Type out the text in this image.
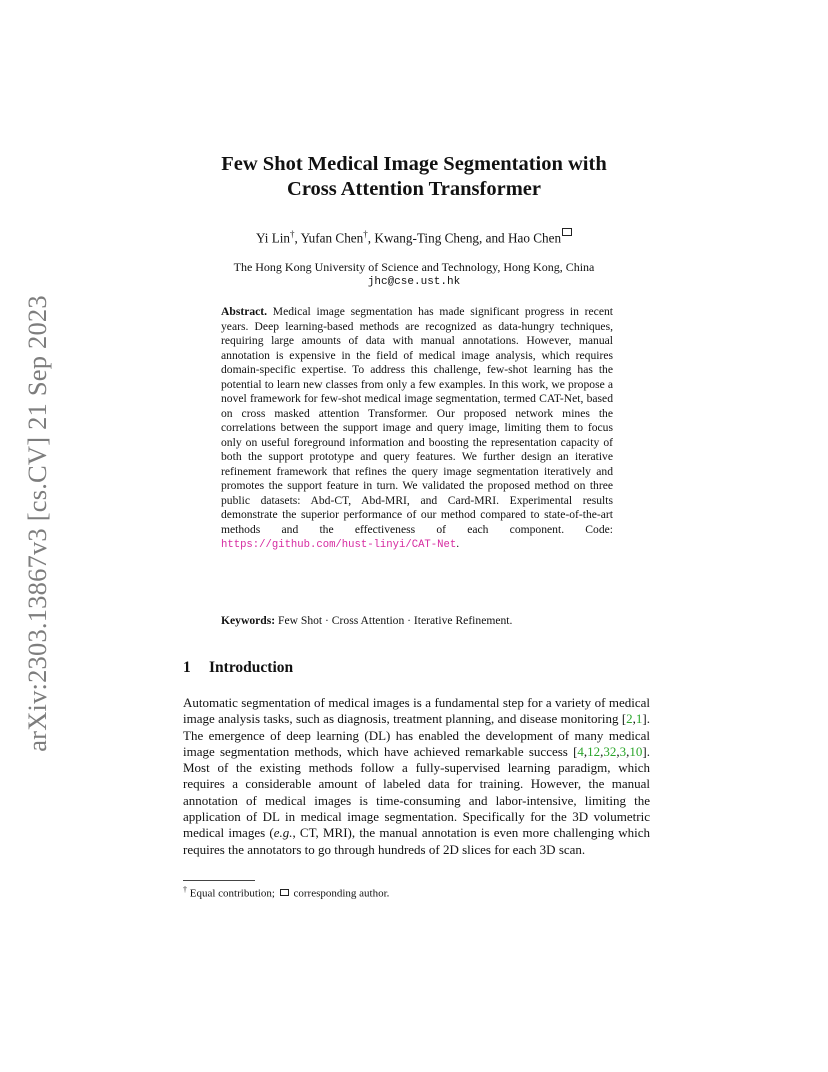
arXiv:2303.13867v3 [cs.CV] 21 Sep 2023
Few Shot Medical Image Segmentation with
Cross Attention Transformer
Yi Lin†, Yufan Chen†, Kwang-Ting Cheng, and Hao Chen
The Hong Kong University of Science and Technology, Hong Kong, China
jhc@cse.ust.hk
Abstract. Medical image segmentation has made significant progress in recent years. Deep learning-based methods are recognized as data-hungry techniques, requiring large amounts of data with manual annotations. However, manual annotation is expensive in the field of medical image analysis, which requires domain-specific expertise. To address this challenge, few-shot learning has the potential to learn new classes from only a few examples. In this work, we propose a novel framework for few-shot medical image segmentation, termed CAT-Net, based on cross masked attention Transformer. Our proposed network mines the correlations between the support image and query image, limiting them to focus only on useful foreground information and boosting the representation capacity of both the support prototype and query features. We further design an iterative refinement framework that refines the query image segmentation iteratively and promotes the support feature in turn. We validated the proposed method on three public datasets: Abd-CT, Abd-MRI, and Card-MRI. Experimental results demonstrate the superior performance of our method compared to state-of-the-art methods and the effectiveness of each component. Code: https://github.com/hust-linyi/CAT-Net.
Keywords: Few Shot · Cross Attention · Iterative Refinement.
1 Introduction
Automatic segmentation of medical images is a fundamental step for a variety of medical image analysis tasks, such as diagnosis, treatment planning, and disease monitoring [2,1]. The emergence of deep learning (DL) has enabled the development of many medical image segmentation methods, which have achieved remarkable success [4,12,32,3,10]. Most of the existing methods follow a fully-supervised learning paradigm, which requires a considerable amount of labeled data for training. However, the manual annotation of medical images is time-consuming and labor-intensive, limiting the application of DL in medical image segmentation. Specifically for the 3D volumetric medical images (e.g., CT, MRI), the manual annotation is even more challenging which requires the annotators to go through hundreds of 2D slices for each 3D scan.
† Equal contribution;  corresponding author.
